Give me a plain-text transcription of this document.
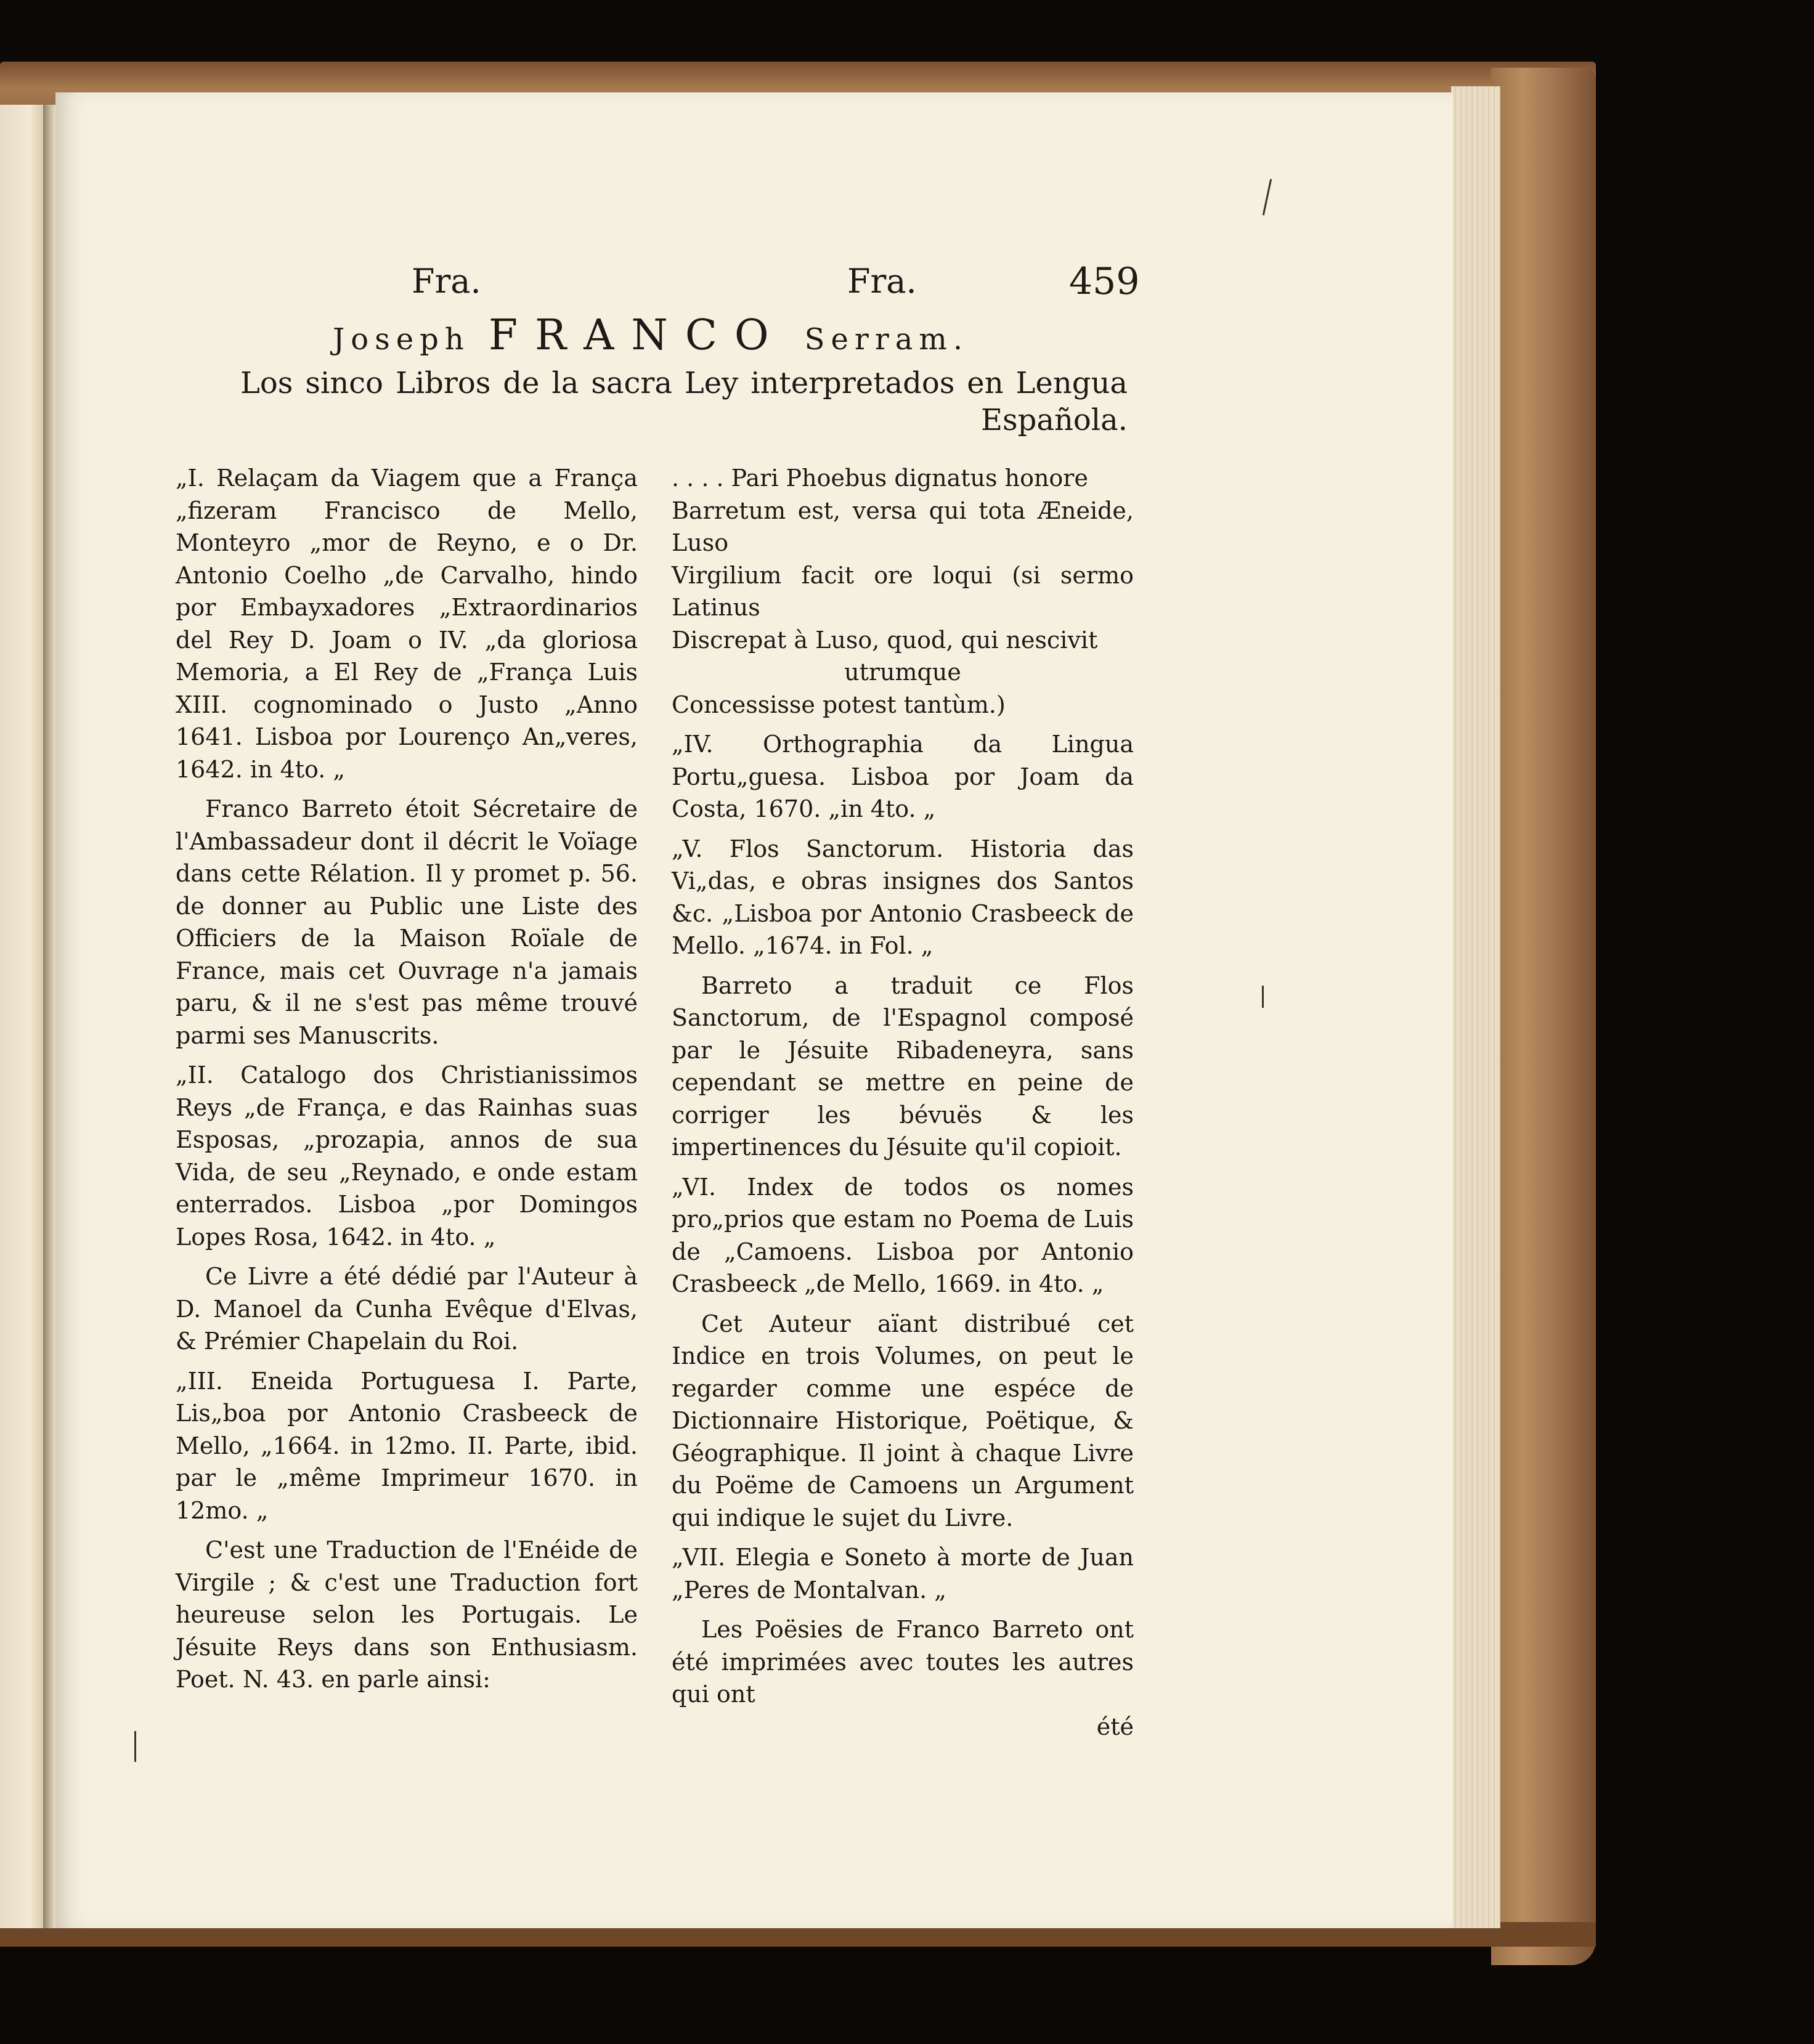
Fra.	Fra.	459
Joseph FRANCO Serram.
Los sinco Libros de la sacra Ley interpretados en Lengua
Española.

„I. Relaçam da Viagem que a França „fizeram Francisco de Mello, Monteyro „mor de Reyno, e o Dr. Antonio Coelho „de Carvalho, hindo por Embayxadores „Extraordinarios del Rey D. Joam o IV. „da gloriosa Memoria, a El Rey de „França Luis XIII. cognominado o Justo „Anno 1641. Lisboa por Lourenço An„veres, 1642. in 4to. „

Franco Barreto étoit Sécretaire de l'Ambassadeur dont il décrit le Voïage dans cette Rélation. Il y promet p. 56. de donner au Public une Liste des Officiers de la Maison Roïale de France, mais cet Ouvrage n'a jamais paru, & il ne s'est pas même trouvé parmi ses Manuscrits.

„II. Catalogo dos Christianissimos Reys „de França, e das Rainhas suas Esposas, „prozapia, annos de sua Vida, de seu „Reynado, e onde estam enterrados. Lisboa „por Domingos Lopes Rosa, 1642. in 4to. „

Ce Livre a été dédié par l'Auteur à D. Manoel da Cunha Evêque d'Elvas, & Prémier Chapelain du Roi.

„III. Eneida Portuguesa I. Parte, Lis„boa por Antonio Crasbeeck de Mello, „1664. in 12mo. II. Parte, ibid. par le „même Imprimeur 1670. in 12mo. „

C'est une Traduction de l'Enéide de Virgile ; & c'est une Traduction fort heureuse selon les Portugais. Le Jésuite Reys dans son Enthusiasm. Poet. N. 43. en parle ainsi:

. . . . Pari Phoebus dignatus honore

Barretum est, versa qui tota Æneide, Luso

Virgilium facit ore loqui (si sermo Latinus

Discrepat à Luso, quod, qui nescivit

utrumque

Concessisse potest tantùm.)

„IV. Orthographia da Lingua Portu„guesa. Lisboa por Joam da Costa, 1670. „in 4to. „

„V. Flos Sanctorum. Historia das Vi„das, e obras insignes dos Santos &c. „Lisboa por Antonio Crasbeeck de Mello. „1674. in Fol. „

Barreto a traduit ce Flos Sanctorum, de l'Espagnol composé par le Jésuite Ribadeneyra, sans cependant se mettre en peine de corriger les bévuës & les impertinences du Jésuite qu'il copioit.

„VI. Index de todos os nomes pro„prios que estam no Poema de Luis de „Camoens. Lisboa por Antonio Crasbeeck „de Mello, 1669. in 4to. „

Cet Auteur aïant distribué cet Indice en trois Volumes, on peut le regarder comme une espéce de Dictionnaire Historique, Poëtique, & Géographique. Il joint à chaque Livre du Poëme de Camoens un Argument qui indique le sujet du Livre.

„VII. Elegia e Soneto à morte de Juan „Peres de Montalvan. „

Les Poësies de Franco Barreto ont été imprimées avec toutes les autres qui ont

été
